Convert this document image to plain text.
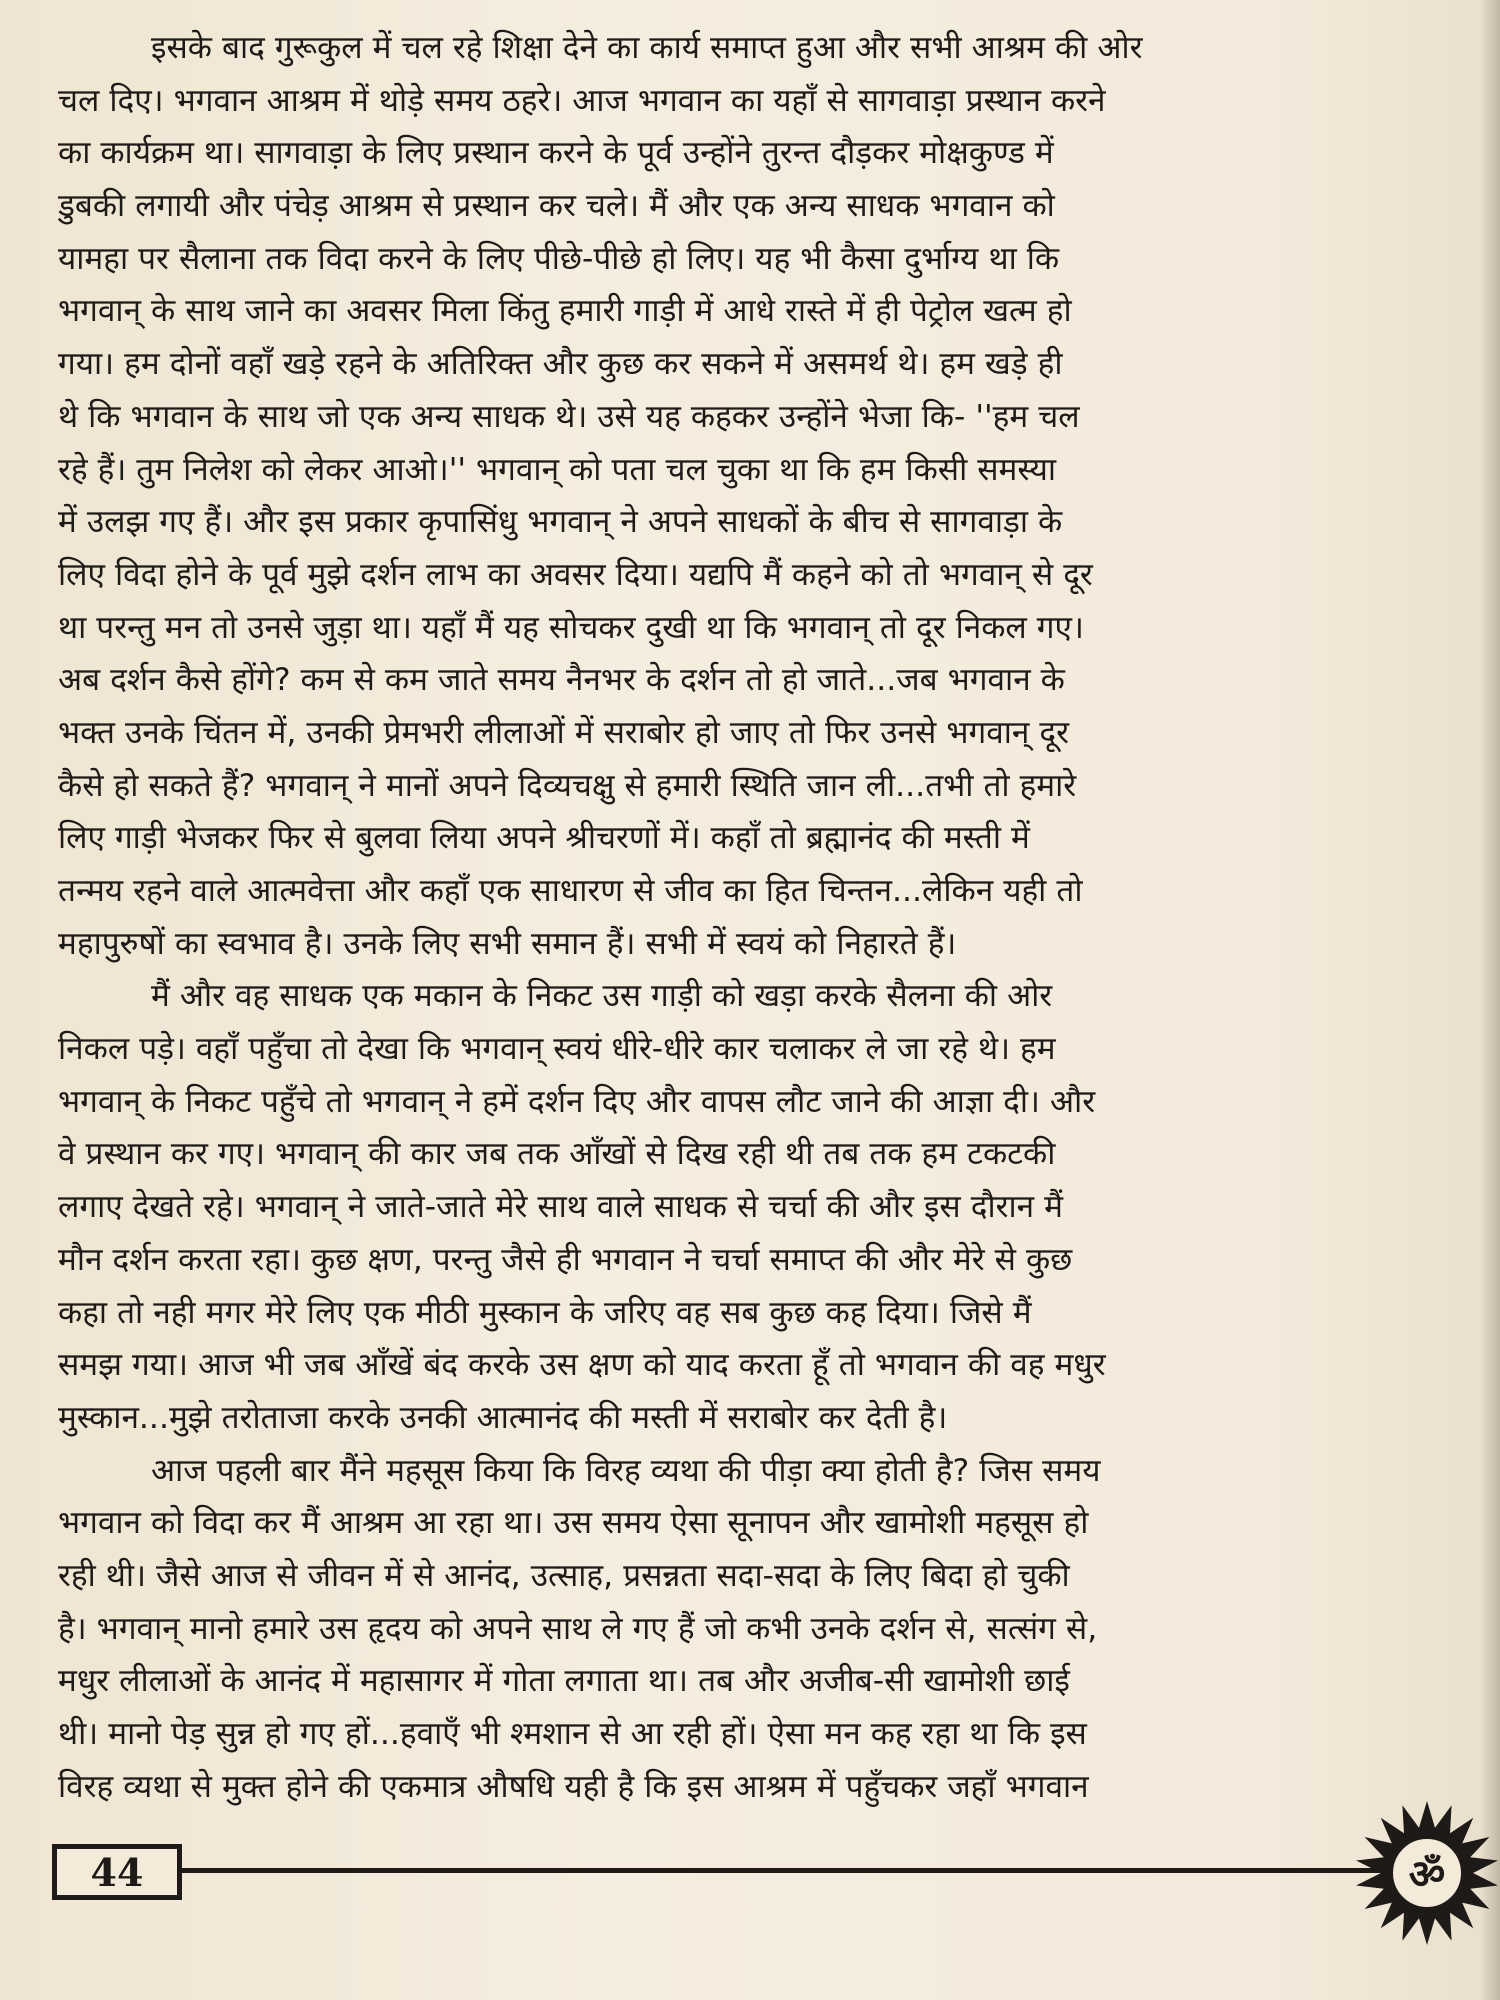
इसके बाद गुरूकुल में चल रहे शिक्षा देने का कार्य समाप्त हुआ और सभी आश्रम की ओर
चल दिए। भगवान आश्रम में थोड़े समय ठहरे। आज भगवान का यहाँ से सागवाड़ा प्रस्थान करने
का कार्यक्रम था। सागवाड़ा के लिए प्रस्थान करने के पूर्व उन्होंने तुरन्त दौड़कर मोक्षकुण्ड में
डुबकी लगायी और पंचेड़ आश्रम से प्रस्थान कर चले। मैं और एक अन्य साधक भगवान को
यामहा पर सैलाना तक विदा करने के लिए पीछे-पीछे हो लिए। यह भी कैसा दुर्भाग्य था कि
भगवान् के साथ जाने का अवसर मिला किंतु हमारी गाड़ी में आधे रास्ते में ही पेट्रोल खत्म हो
गया। हम दोनों वहाँ खड़े रहने के अतिरिक्त और कुछ कर सकने में असमर्थ थे। हम खड़े ही
थे कि भगवान के साथ जो एक अन्य साधक थे। उसे यह कहकर उन्होंने भेजा कि- ''हम चल
रहे हैं। तुम निलेश को लेकर आओ।'' भगवान् को पता चल चुका था कि हम किसी समस्या
में उलझ गए हैं। और इस प्रकार कृपासिंधु भगवान् ने अपने साधकों के बीच से सागवाड़ा के
लिए विदा होने के पूर्व मुझे दर्शन लाभ का अवसर दिया। यद्यपि मैं कहने को तो भगवान् से दूर
था परन्तु मन तो उनसे जुड़ा था। यहाँ मैं यह सोचकर दुखी था कि भगवान् तो दूर निकल गए।
अब दर्शन कैसे होंगे? कम से कम जाते समय नैनभर के दर्शन तो हो जाते...जब भगवान के
भक्त उनके चिंतन में, उनकी प्रेमभरी लीलाओं में सराबोर हो जाए तो फिर उनसे भगवान् दूर
कैसे हो सकते हैं? भगवान् ने मानों अपने दिव्यचक्षु से हमारी स्थिति जान ली...तभी तो हमारे
लिए गाड़ी भेजकर फिर से बुलवा लिया अपने श्रीचरणों में। कहाँ तो ब्रह्मानंद की मस्ती में
तन्मय रहने वाले आत्मवेत्ता और कहाँ एक साधारण से जीव का हित चिन्तन...लेकिन यही तो
महापुरुषों का स्वभाव है। उनके लिए सभी समान हैं। सभी में स्वयं को निहारते हैं।

मैं और वह साधक एक मकान के निकट उस गाड़ी को खड़ा करके सैलना की ओर
निकल पड़े। वहाँ पहुँचा तो देखा कि भगवान् स्वयं धीरे-धीरे कार चलाकर ले जा रहे थे। हम
भगवान् के निकट पहुँचे तो भगवान् ने हमें दर्शन दिए और वापस लौट जाने की आज्ञा दी। और
वे प्रस्थान कर गए। भगवान् की कार जब तक आँखों से दिख रही थी तब तक हम टकटकी
लगाए देखते रहे। भगवान् ने जाते-जाते मेरे साथ वाले साधक से चर्चा की और इस दौरान मैं
मौन दर्शन करता रहा। कुछ क्षण, परन्तु जैसे ही भगवान ने चर्चा समाप्त की और मेरे से कुछ
कहा तो नही मगर मेरे लिए एक मीठी मुस्कान के जरिए वह सब कुछ कह दिया। जिसे मैं
समझ गया। आज भी जब आँखें बंद करके उस क्षण को याद करता हूँ तो भगवान की वह मधुर
मुस्कान...मुझे तरोताजा करके उनकी आत्मानंद की मस्ती में सराबोर कर देती है।

आज पहली बार मैंने महसूस किया कि विरह व्यथा की पीड़ा क्या होती है? जिस समय
भगवान को विदा कर मैं आश्रम आ रहा था। उस समय ऐसा सूनापन और खामोशी महसूस हो
रही थी। जैसे आज से जीवन में से आनंद, उत्साह, प्रसन्नता सदा-सदा के लिए बिदा हो चुकी
है। भगवान् मानो हमारे उस हृदय को अपने साथ ले गए हैं जो कभी उनके दर्शन से, सत्संग से,
मधुर लीलाओं के आनंद में महासागर में गोता लगाता था। तब और अजीब-सी खामोशी छाई
थी। मानो पेड़ सुन्न हो गए हों...हवाएँ भी श्मशान से आ रही हों। ऐसा मन कह रहा था कि इस
विरह व्यथा से मुक्त होने की एकमात्र औषधि यही है कि इस आश्रम में पहुँचकर जहाँ भगवान

44	ॐ
